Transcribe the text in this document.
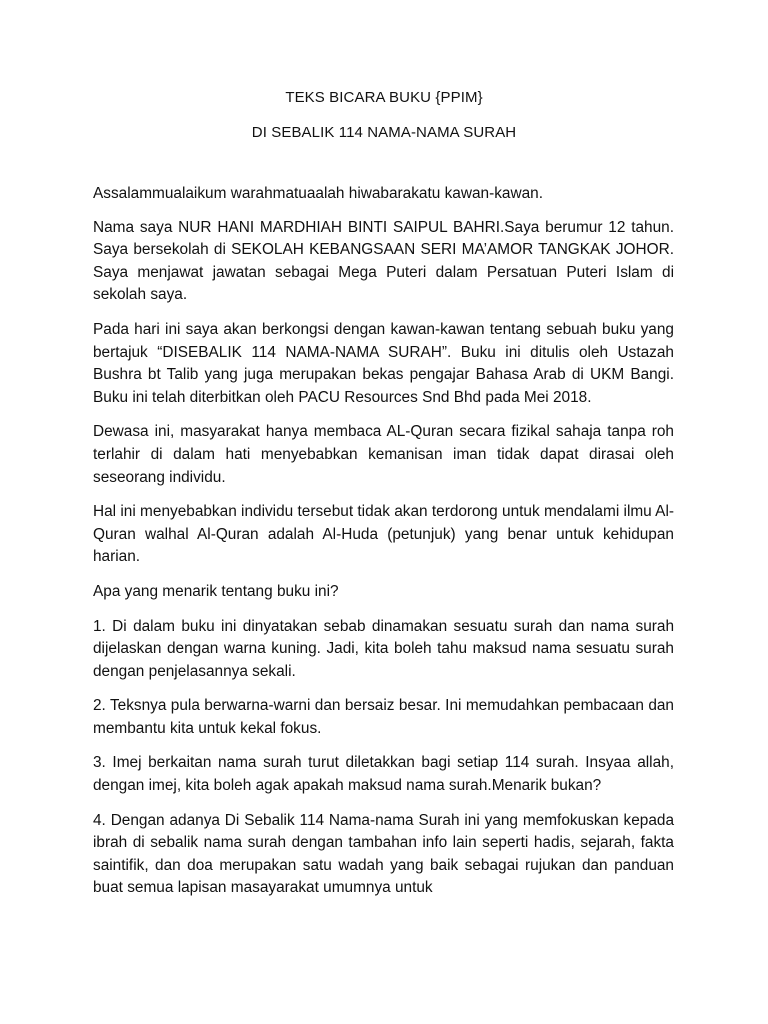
TEKS BICARA BUKU {PPIM}

DI SEBALIK 114 NAMA-NAMA SURAH

Assalammualaikum warahmatuaalah hiwabarakatu kawan-kawan.

Nama saya NUR HANI MARDHIAH BINTI SAIPUL BAHRI.Saya berumur 12 tahun. Saya bersekolah di SEKOLAH KEBANGSAAN SERI MA’AMOR TANGKAK JOHOR. Saya menjawat jawatan sebagai Mega Puteri dalam Persatuan Puteri Islam di sekolah saya.

Pada hari ini saya akan berkongsi dengan kawan-kawan tentang sebuah buku yang bertajuk “DISEBALIK 114 NAMA-NAMA SURAH”. Buku ini ditulis oleh Ustazah Bushra bt Talib yang juga merupakan bekas pengajar Bahasa Arab di UKM Bangi. Buku ini telah diterbitkan oleh PACU Resources Snd Bhd pada Mei 2018.

Dewasa ini, masyarakat hanya membaca AL-Quran secara fizikal sahaja tanpa roh terlahir di dalam hati menyebabkan kemanisan iman tidak dapat dirasai oleh seseorang individu.

Hal ini menyebabkan individu tersebut tidak akan terdorong untuk mendalami ilmu Al-Quran walhal Al-Quran adalah Al-Huda (petunjuk) yang benar untuk kehidupan harian.

Apa yang menarik tentang buku ini?

1. Di dalam buku ini dinyatakan sebab dinamakan sesuatu surah dan nama surah dijelaskan dengan warna kuning. Jadi, kita boleh tahu maksud nama sesuatu surah dengan penjelasannya sekali.

2. Teksnya pula berwarna-warni dan bersaiz besar. Ini memudahkan pembacaan dan membantu kita untuk kekal fokus.

3. Imej berkaitan nama surah turut diletakkan bagi setiap 114 surah. Insyaa allah, dengan imej, kita boleh agak apakah maksud nama surah.Menarik bukan?

4. Dengan adanya Di Sebalik 114 Nama-nama Surah ini yang memfokuskan kepada ibrah di sebalik nama surah dengan tambahan info lain seperti hadis, sejarah, fakta saintifik, dan doa merupakan satu wadah yang baik sebagai rujukan dan panduan buat semua lapisan masayarakat umumnya untuk
